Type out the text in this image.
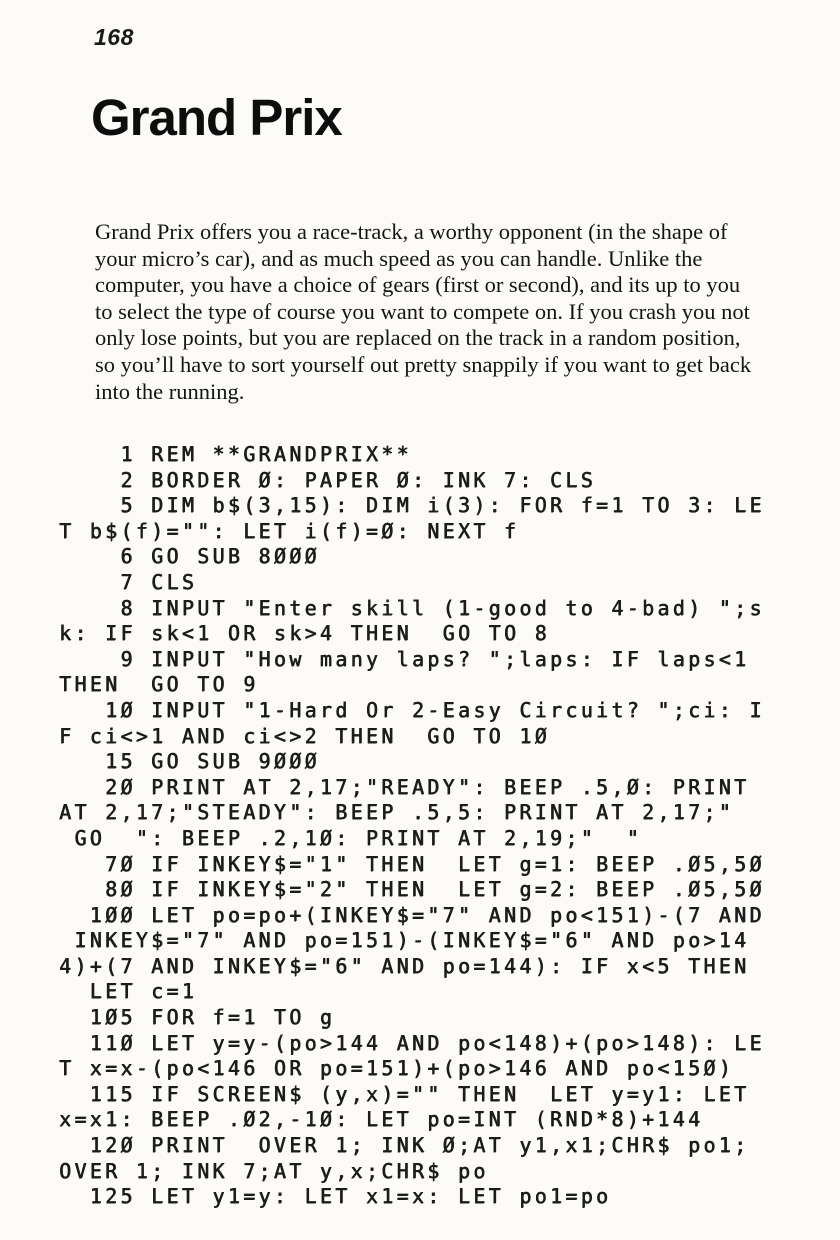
168
Grand Prix
Grand Prix offers you a race-track, a worthy opponent (in the shape of
your micro’s car), and as much speed as you can handle. Unlike the
computer, you have a choice of gears (first or second), and its up to you
to select the type of course you want to compete on. If you crash you not
only lose points, but you are replaced on the track in a random position,
so you’ll have to sort yourself out pretty snappily if you want to get back
into the running.
1 REM **GRANDPRIX**
2 BORDER Ø: PAPER Ø: INK 7: CLS
5 DIM b$(3,15): DIM i(3): FOR f=1 TO 3: LE
T b$(f)="": LET i(f)=Ø: NEXT f
6 GO SUB 8ØØØ
7 CLS
8 INPUT "Enter skill (1-good to 4-bad) ";s
k: IF sk<1 OR sk>4 THEN  GO TO 8
9 INPUT "How many laps? ";laps: IF laps<1
THEN  GO TO 9
1Ø INPUT "1-Hard Or 2-Easy Circuit? ";ci: I
F ci<>1 AND ci<>2 THEN  GO TO 1Ø
15 GO SUB 9ØØØ
2Ø PRINT AT 2,17;"READY": BEEP .5,Ø: PRINT
AT 2,17;"STEADY": BEEP .5,5: PRINT AT 2,17;"
GO  ": BEEP .2,1Ø: PRINT AT 2,19;"  "
7Ø IF INKEY$="1" THEN  LET g=1: BEEP .Ø5,5Ø
8Ø IF INKEY$="2" THEN  LET g=2: BEEP .Ø5,5Ø
1ØØ LET po=po+(INKEY$="7" AND po<151)-(7 AND
INKEY$="7" AND po=151)-(INKEY$="6" AND po>14
4)+(7 AND INKEY$="6" AND po=144): IF x<5 THEN
LET c=1
1Ø5 FOR f=1 TO g
11Ø LET y=y-(po>144 AND po<148)+(po>148): LE
T x=x-(po<146 OR po=151)+(po>146 AND po<15Ø)
115 IF SCREEN$ (y,x)="" THEN  LET y=y1: LET
x=x1: BEEP .Ø2,-1Ø: LET po=INT (RND*8)+144
12Ø PRINT  OVER 1; INK Ø;AT y1,x1;CHR$ po1;
OVER 1; INK 7;AT y,x;CHR$ po
125 LET y1=y: LET x1=x: LET po1=po
